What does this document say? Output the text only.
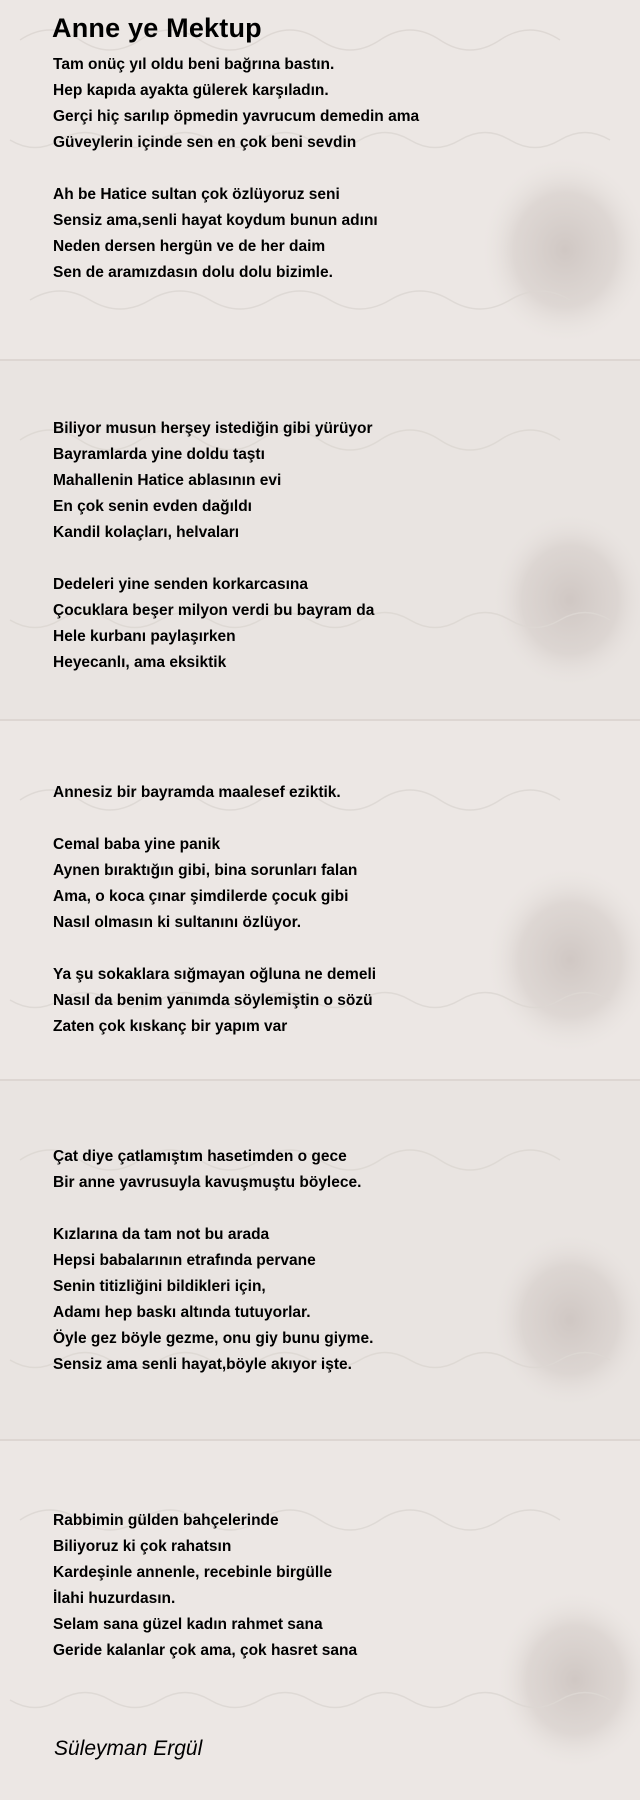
Anne ye Mektup
Tam onüç yıl oldu beni bağrına bastın.
Hep kapıda ayakta gülerek karşıladın.
Gerçi hiç sarılıp öpmedin yavrucum demedin ama
Güveylerin içinde sen en çok beni sevdin
Ah be Hatice sultan çok özlüyoruz seni
Sensiz ama,senli hayat koydum bunun adını
Neden dersen hergün ve de her daim
Sen de aramızdasın dolu dolu bizimle.
Biliyor musun herşey istediğin gibi yürüyor
Bayramlarda yine doldu taştı
Mahallenin Hatice ablasının evi
En çok senin evden dağıldı
Kandil kolaçları, helvaları
Dedeleri yine senden korkarcasına
Çocuklara beşer milyon verdi bu bayram da
Hele kurbanı paylaşırken
Heyecanlı, ama eksiktik
Annesiz bir bayramda maalesef eziktik.
Cemal baba yine panik
Aynen bıraktığın gibi, bina sorunları falan
Ama, o koca çınar şimdilerde çocuk gibi
Nasıl olmasın ki sultanını özlüyor.
Ya şu sokaklara sığmayan oğluna ne demeli
Nasıl da benim yanımda söylemiştin o sözü
Zaten çok kıskanç bir yapım var
Çat diye çatlamıştım hasetimden o gece
Bir anne yavrusuyla kavuşmuştu böylece.
Kızlarına da tam not bu arada
Hepsi babalarının etrafında pervane
Senin titizliğini bildikleri için,
Adamı hep baskı altında tutuyorlar.
Öyle gez böyle gezme, onu giy bunu giyme.
Sensiz ama senli hayat,böyle akıyor işte.
Rabbimin gülden bahçelerinde
Biliyoruz ki çok rahatsın
Kardeşinle annenle, recebinle birgülle
İlahi huzurdasın.
Selam sana güzel kadın rahmet sana
Geride kalanlar çok ama, çok hasret sana
Süleyman Ergül
